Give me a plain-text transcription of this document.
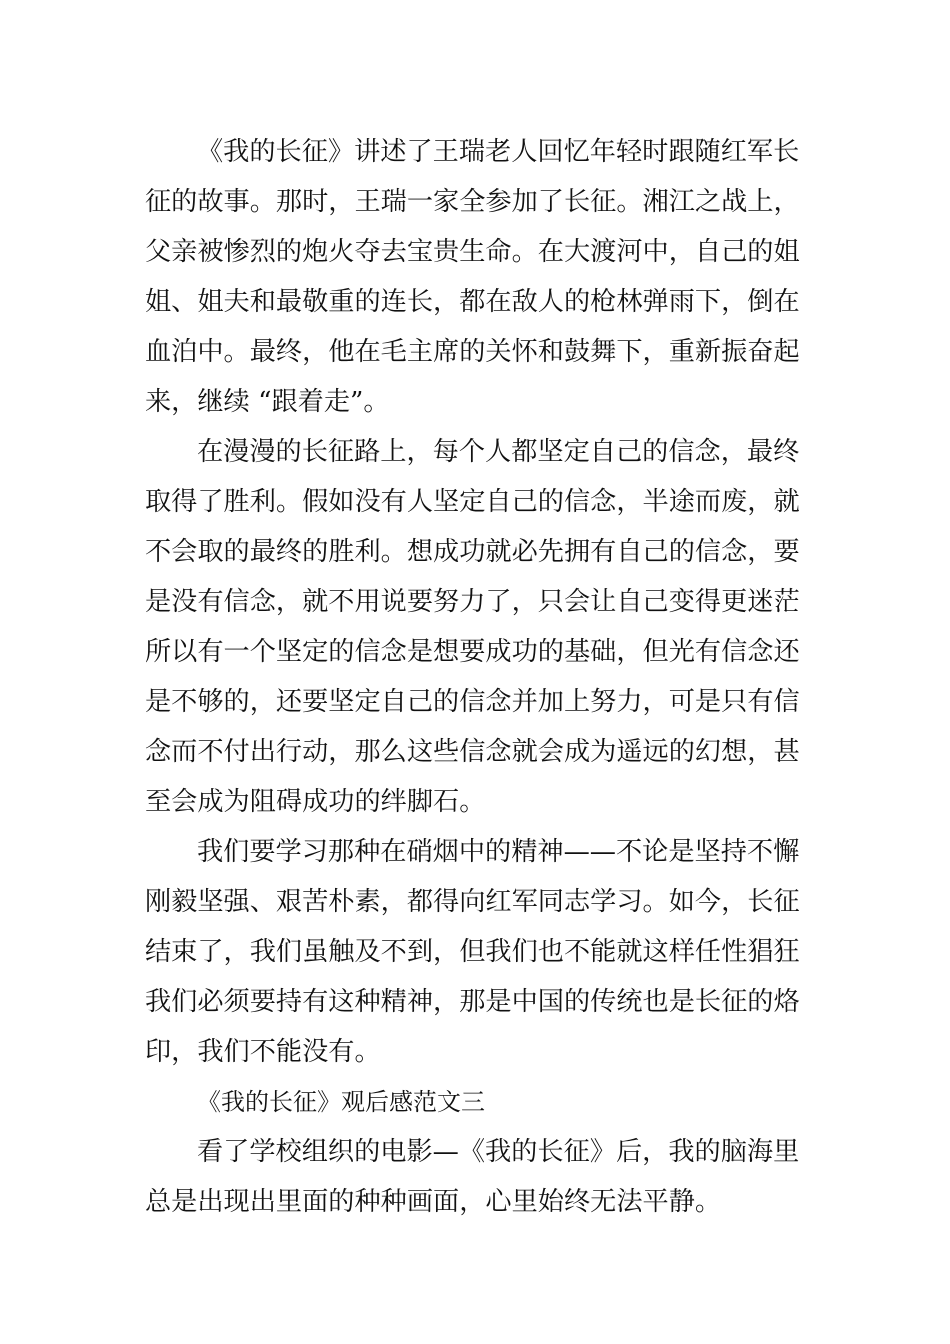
《我的长征》讲述了王瑞老人回忆年轻时跟随红军长
征的故事。那时，王瑞一家全参加了长征。湘江之战上，
父亲被惨烈的炮火夺去宝贵生命。在大渡河中，自己的姐
姐、姐夫和最敬重的连长，都在敌人的枪林弹雨下，倒在
血泊中。最终，他在毛主席的关怀和鼓舞下，重新振奋起
来，继续 “跟着走”。
在漫漫的长征路上，每个人都坚定自己的信念，最终
取得了胜利。假如没有人坚定自己的信念，半途而废，就
不会取的最终的胜利。想成功就必先拥有自己的信念，要
是没有信念，就不用说要努力了，只会让自己变得更迷茫
所以有一个坚定的信念是想要成功的基础，但光有信念还
是不够的，还要坚定自己的信念并加上努力，可是只有信
念而不付出行动，那么这些信念就会成为遥远的幻想，甚
至会成为阻碍成功的绊脚石。
我们要学习那种在硝烟中的精神——不论是坚持不懈
刚毅坚强、艰苦朴素，都得向红军同志学习。如今，长征
结束了，我们虽触及不到，但我们也不能就这样任性猖狂
我们必须要持有这种精神，那是中国的传统也是长征的烙
印，我们不能没有。
《我的长征》观后感范文三
看了学校组织的电影—《我的长征》后，我的脑海里
总是出现出里面的种种画面，心里始终无法平静。
